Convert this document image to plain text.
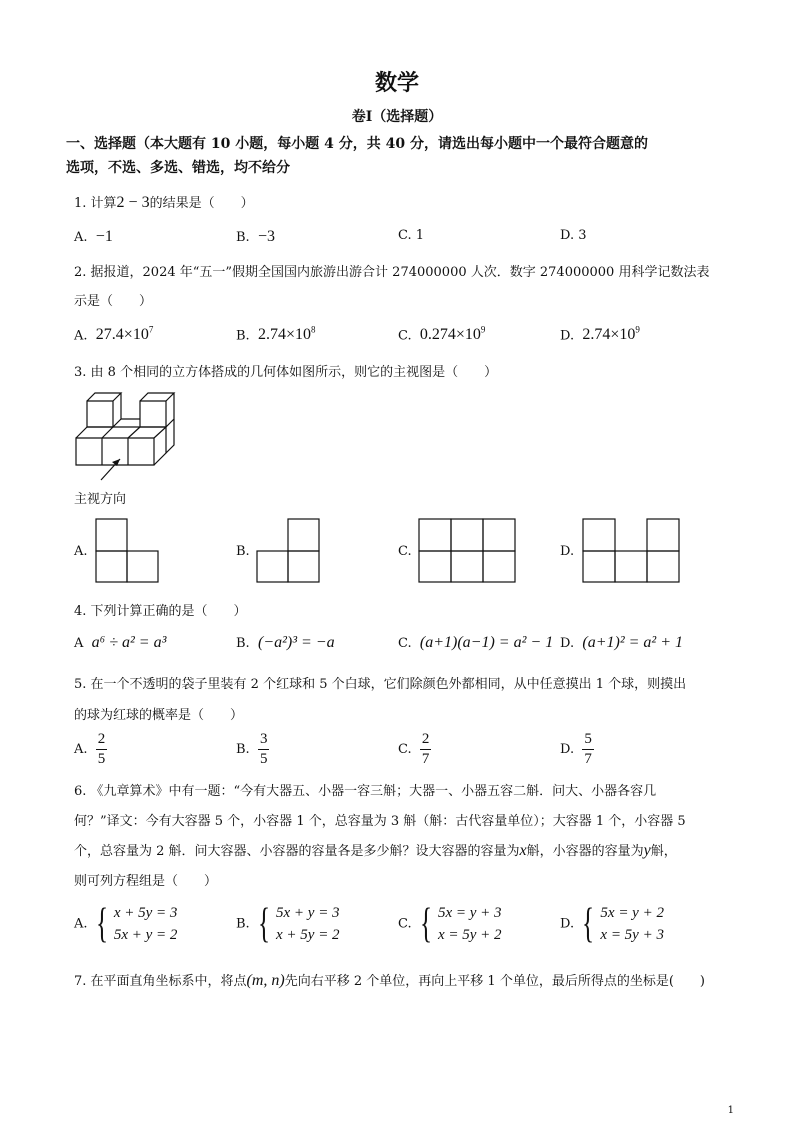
数学
卷Ⅰ（选择题）
一、选择题（本大题有 10 小题，每小题 4 分，共 40 分，请选出每小题中一个最符合题意的
选项，不选、多选、错选，均不给分
1. 计算2 − 3的结果是（　　）
A. −1	B. −3	C. 1	D. 3
2. 据报道，2024 年“五一”假期全国国内旅游出游合计 274000000 人次．数字 274000000 用科学记数法表
示是（　　）
A. $27.4\times 10^7$	B. $2.74\times 10^8$	C. $0.274\times 10^9$	D. $2.74\times 10^9$
3. 由 8 个相同的立方体搭成的几何体如图所示，则它的主视图是（　　）
主视方向
A.	B.	C.	D.
4. 下列计算正确的是（　　）
A a⁶ ÷ a² = a³	B. (−a²)³ = −a	C. (a+1)(a−1) = a² − 1 D. (a+1)² = a² + 1
5. 在一个不透明的袋子里装有 2 个红球和 5 个白球，它们除颜色外都相同，从中任意摸出 1 个球，则摸出
的球为红球的概率是（　　）
A. $\frac{2}{5}$	B. $\frac{3}{5}$	C. $\frac{2}{7}$	D. $\frac{5}{7}$
6. 《九章算术》中有一题：“今有大器五、小器一容三斛；大器一、小器五容二斛．问大、小器各容几
何？”译文：今有大容器 5 个，小容器 1 个，总容量为 3 斛（斛：古代容量单位）；大容器 1 个，小容器 5
个，总容量为 2 斛．问大容器、小容器的容量各是多少斛？设大容器的容量为x斛，小容器的容量为y斛，
则可列方程组是（　　）
A. { x + 5y = 3
5x + y = 2
B. { 5x + y = 3
x + 5y = 2
C. { 5x = y + 3
x = 5y + 2
D. { 5x = y + 2
x = 5y + 3
7. 在平面直角坐标系中，将点(m, n)先向右平移 2 个单位，再向上平移 1 个单位，最后所得点的坐标是(　　)
1
